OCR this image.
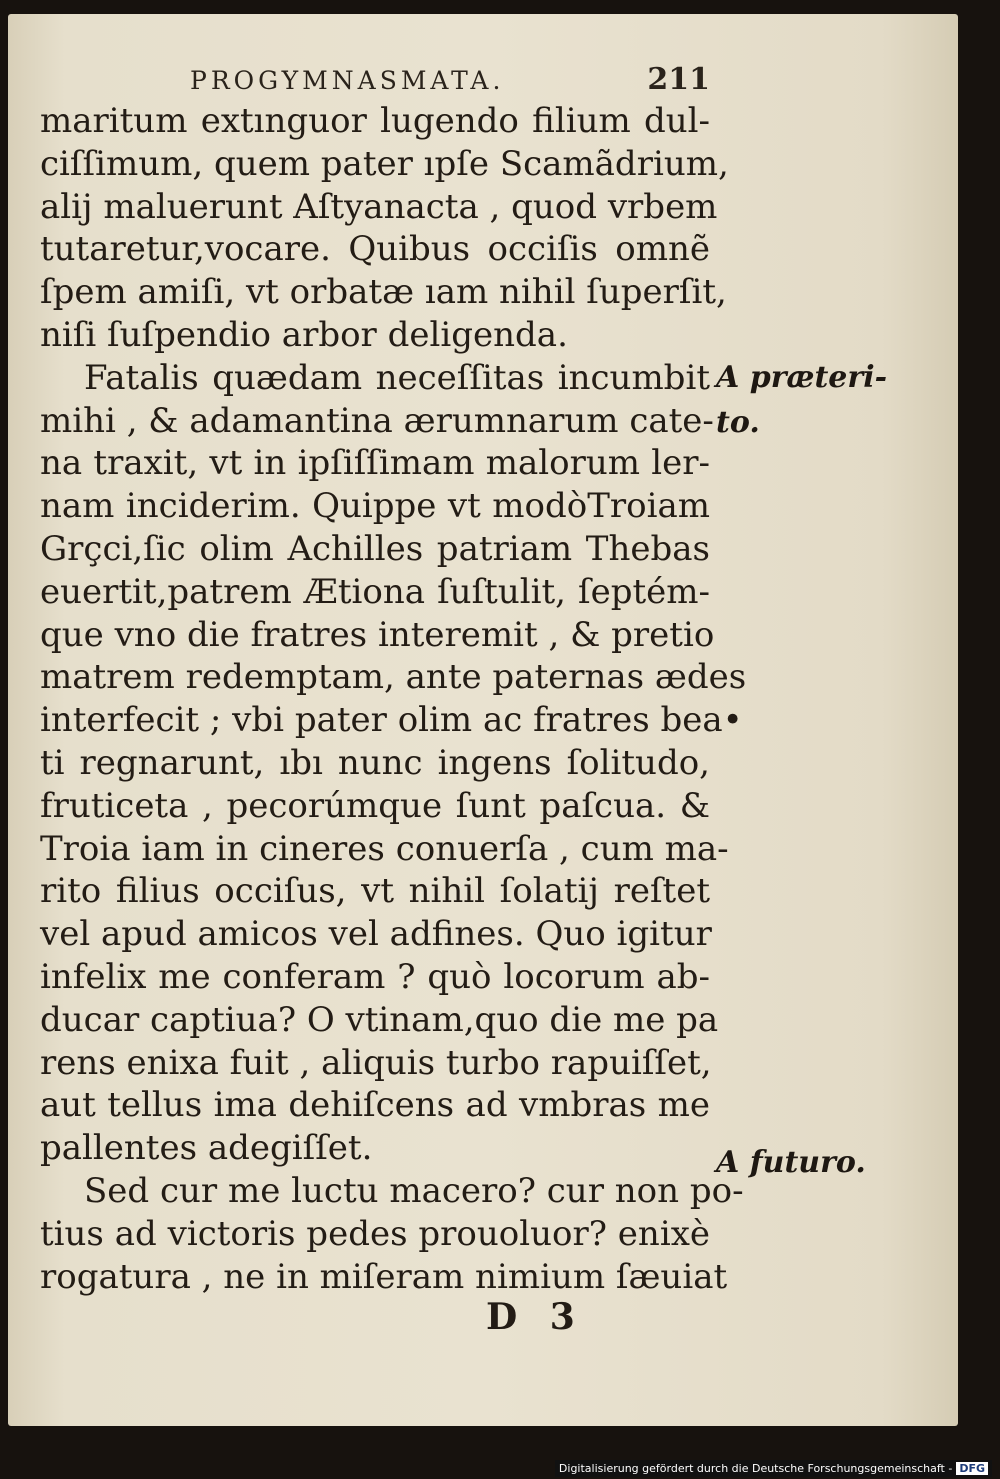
PROGYMNASMATA.	211
maritum extınguor lugendo filium dul-
ciſſimum, quem pater ıpſe Scamãdrium,
alij maluerunt Aſtyanacta , quod vrbem
tutaretur,vocare. Quibus occiſis omnẽ
ſpem amiſi, vt orbatæ ıam nihil ſuperſit,
niſi ſuſpendio arbor deligenda.
Fatalis quædam neceſſitas incumbit
mihi , & adamantina ærumnarum cate-
na traxit, vt in ipſiſſimam malorum ler-
nam inciderim. Quippe vt modòTroiam
Grçci,ſic olim Achilles patriam Thebas
euertit,patrem Ætiona ſuſtulit, ſeptém-
que vno die fratres interemit , & pretio
matrem redemptam, ante paternas ædes
interfecit ; vbi pater olim ac fratres bea•
ti regnarunt, ıbı nunc ingens ſolitudo,
fruticeta , pecorúmque ſunt paſcua. &
Troia iam in cineres conuerſa , cum ma-
rito filius occiſus, vt nihil ſolatij reſtet
vel apud amicos vel adfines. Quo igitur
infelix me conferam ? quò locorum ab-
ducar captiua? O vtinam,quo die me pa
rens enixa fuit , aliquis turbo rapuiſſet,
aut tellus ima dehiſcens ad vmbras me
pallentes adegiſſet.
Sed cur me luctu macero? cur non po-
tius ad victoris pedes prouoluor? enixè
rogatura , ne in miſeram nimium ſæuiat
A præteri-
to.
A futuro.
D 3
Digitalisierung gefördert durch die Deutsche Forschungsgemeinschaft - DFG
